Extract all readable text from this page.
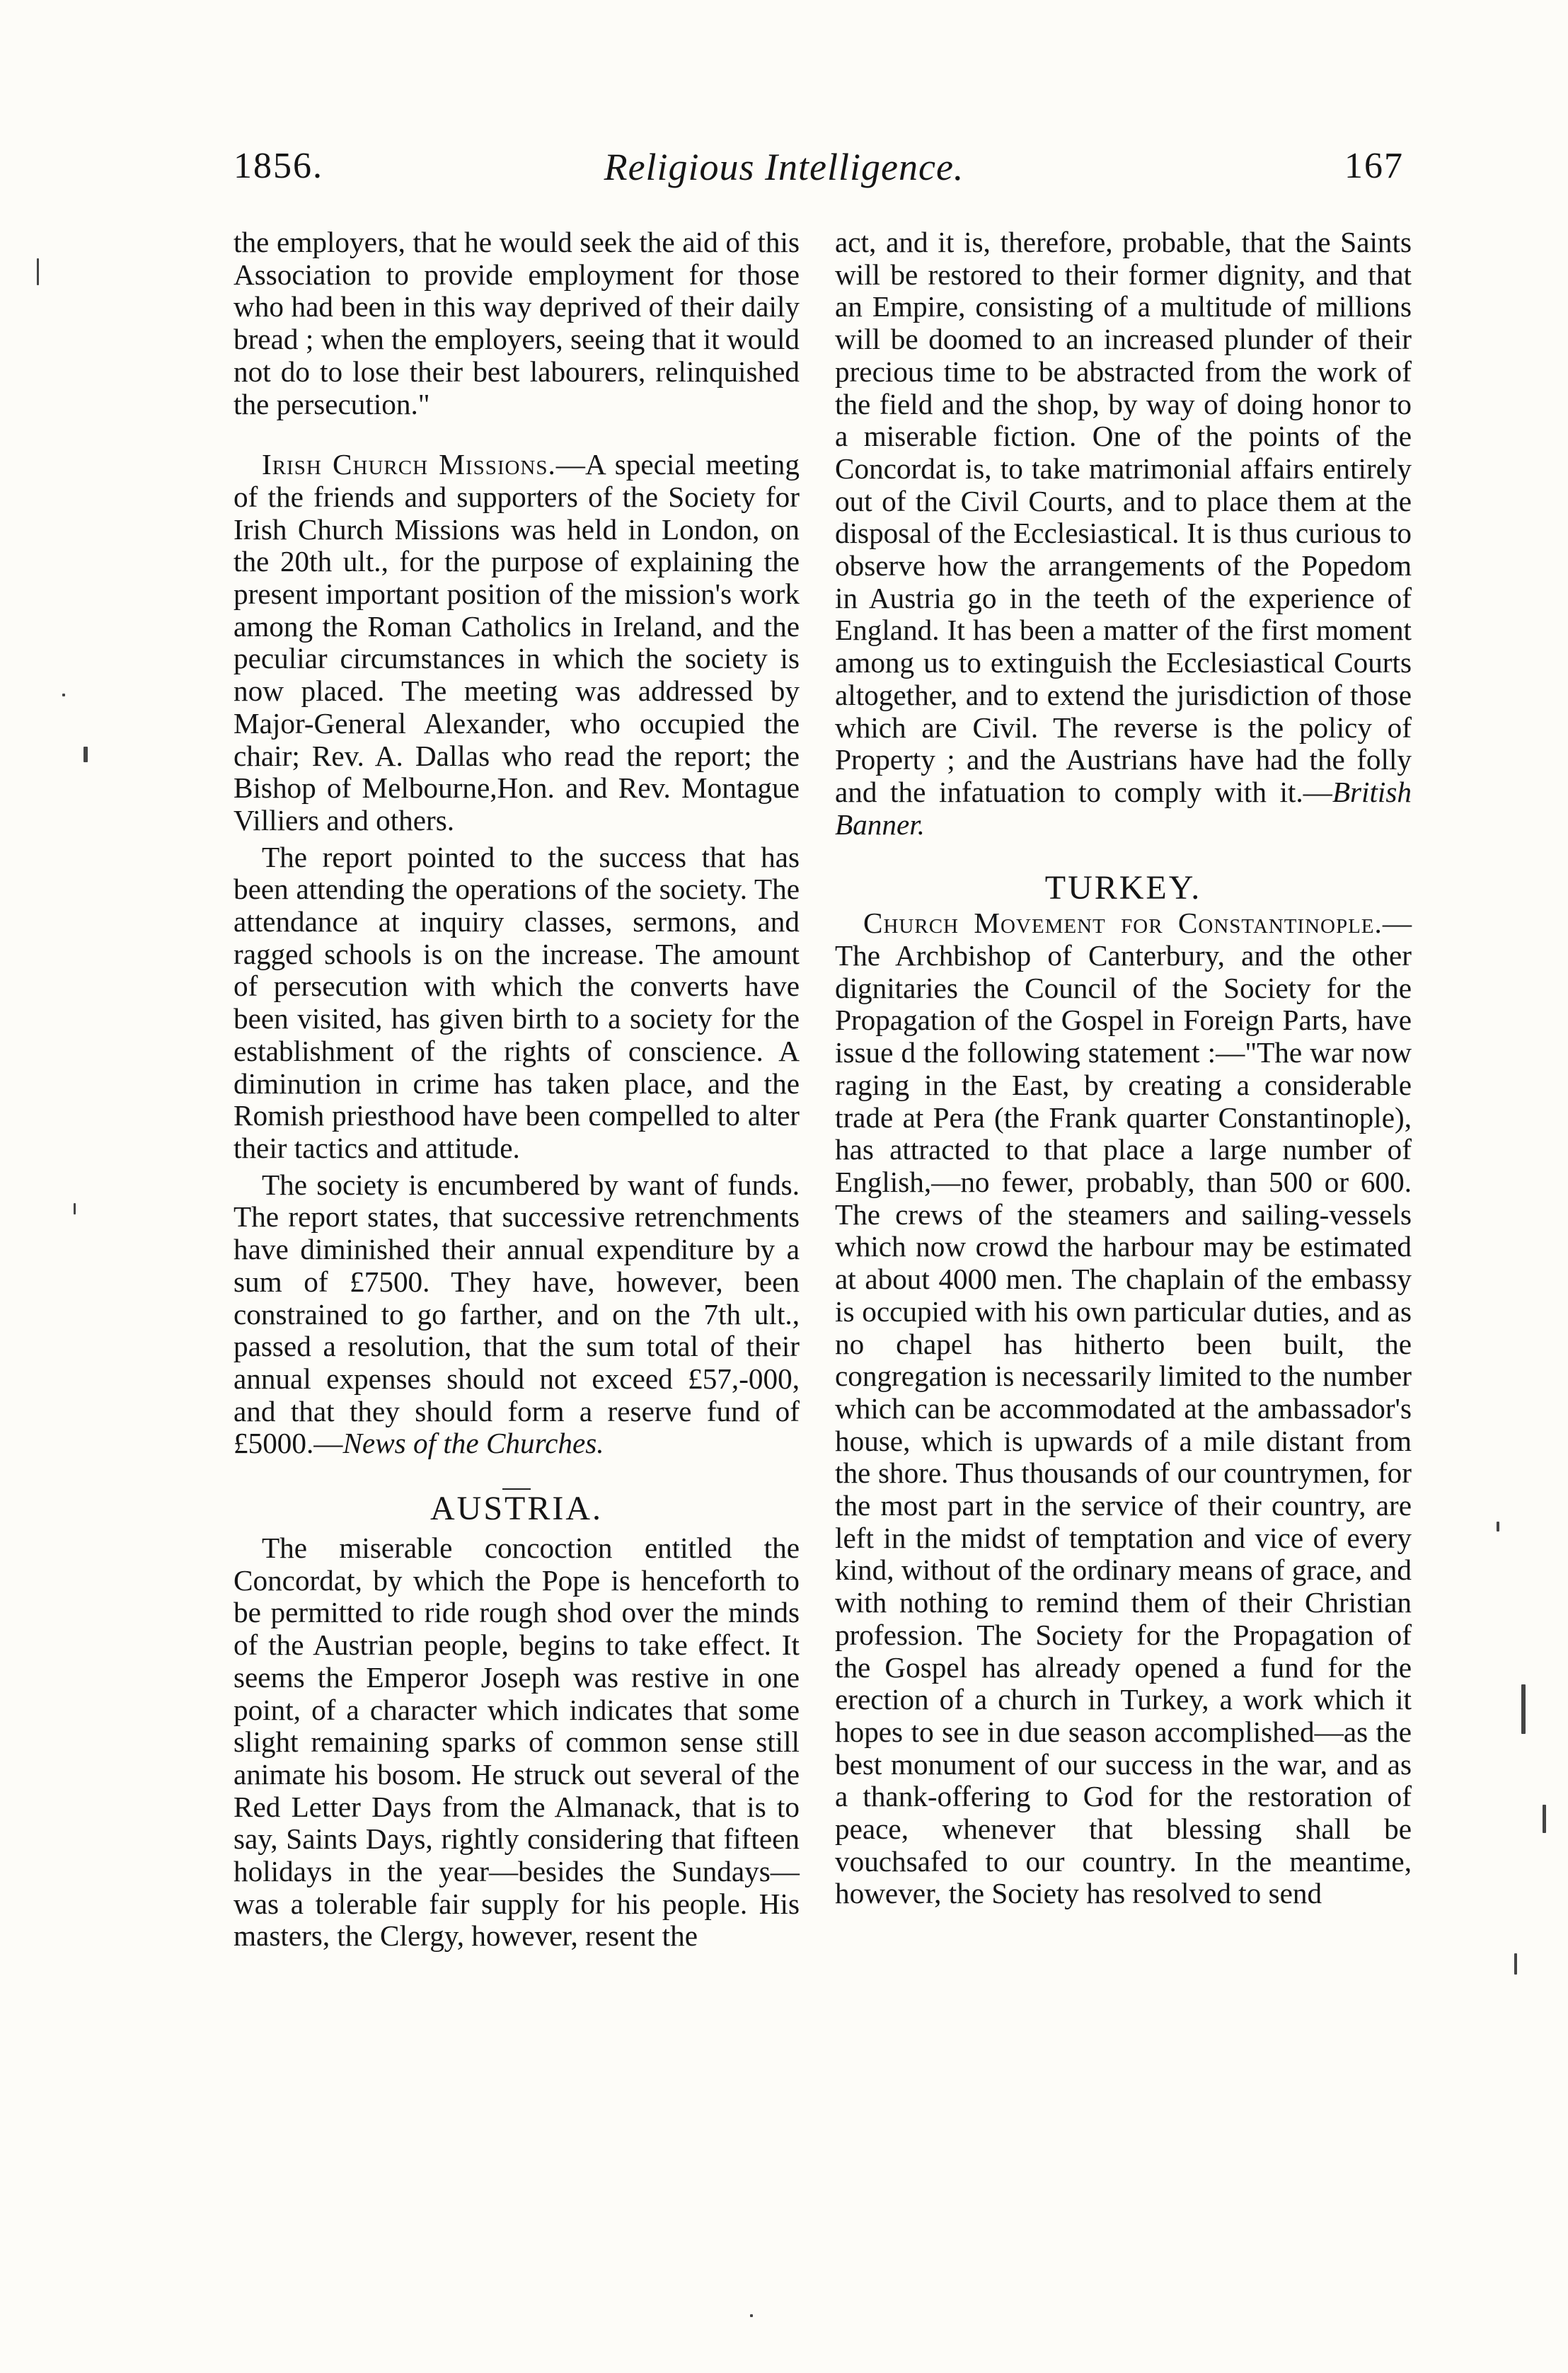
1856.	Religious Intelligence.	167

the employers, that he would seek the aid of this Association to provide employment for those who had been in this way deprived of their daily bread ; when the employers, seeing that it would not do to lose their best labourers, relinquished the persecution."

Irish Church Missions.—A special meeting of the friends and supporters of the Society for Irish Church Missions was held in London, on the 20th ult., for the purpose of explaining the present important position of the mission's work among the Roman Catholics in Ireland, and the peculiar circumstances in which the society is now placed. The meeting was addressed by Major-General Alexander, who occupied the chair; Rev. A. Dallas who read the report; the Bishop of Melbourne,Hon. and Rev. Montague Villiers and others.

The report pointed to the success that has been attending the operations of the society. The attendance at inquiry classes, sermons, and ragged schools is on the increase. The amount of persecution with which the converts have been visited, has given birth to a society for the establishment of the rights of conscience. A diminution in crime has taken place, and the Romish priesthood have been compelled to alter their tactics and attitude.

The society is encumbered by want of funds. The report states, that successive retrenchments have diminished their annual expenditure by a sum of £7500. They have, however, been constrained to go farther, and on the 7th ult., passed a resolution, that the sum total of their annual expenses should not exceed £57,-000, and that they should form a reserve fund of £5000.—News of the Churches.

AUSTRIA.

The miserable concoction entitled the Concordat, by which the Pope is henceforth to be permitted to ride rough shod over the minds of the Austrian people, begins to take effect. It seems the Emperor Joseph was restive in one point, of a character which indicates that some slight remaining sparks of common sense still animate his bosom. He struck out several of the Red Letter Days from the Almanack, that is to say, Saints Days, rightly considering that fifteen holidays in the year—besides the Sundays—was a tolerable fair supply for his people. His masters, the Clergy, however, resent the

act, and it is, therefore, probable, that the Saints will be restored to their former dignity, and that an Empire, consisting of a multitude of millions will be doomed to an increased plunder of their precious time to be abstracted from the work of the field and the shop, by way of doing honor to a miserable fiction. One of the points of the Concordat is, to take matrimonial affairs entirely out of the Civil Courts, and to place them at the disposal of the Ecclesiastical. It is thus curious to observe how the arrangements of the Popedom in Austria go in the teeth of the experience of England. It has been a matter of the first moment among us to extinguish the Ecclesiastical Courts altogether, and to extend the jurisdiction of those which are Civil. The reverse is the policy of Property ; and the Austrians have had the folly and the infatuation to comply with it.—British Banner.

TURKEY.

Church Movement for Constantinople.—The Archbishop of Canterbury, and the other dignitaries the Council of the Society for the Propagation of the Gospel in Foreign Parts, have issue d the following statement :—"The war now raging in the East, by creating a considerable trade at Pera (the Frank quarter Constantinople), has attracted to that place a large number of English,—no fewer, probably, than 500 or 600. The crews of the steamers and sailing-vessels which now crowd the harbour may be estimated at about 4000 men. The chaplain of the embassy is occupied with his own particular duties, and as no chapel has hitherto been built, the congregation is necessarily limited to the number which can be accommodated at the ambassador's house, which is upwards of a mile distant from the shore. Thus thousands of our countrymen, for the most part in the service of their country, are left in the midst of temptation and vice of every kind, without of the ordinary means of grace, and with nothing to remind them of their Christian profession. The Society for the Propagation of the Gospel has already opened a fund for the erection of a church in Turkey, a work which it hopes to see in due season accomplished—as the best monument of our success in the war, and as a thank-offering to God for the restoration of peace, whenever that blessing shall be vouchsafed to our country. In the meantime, however, the Society has resolved to send
